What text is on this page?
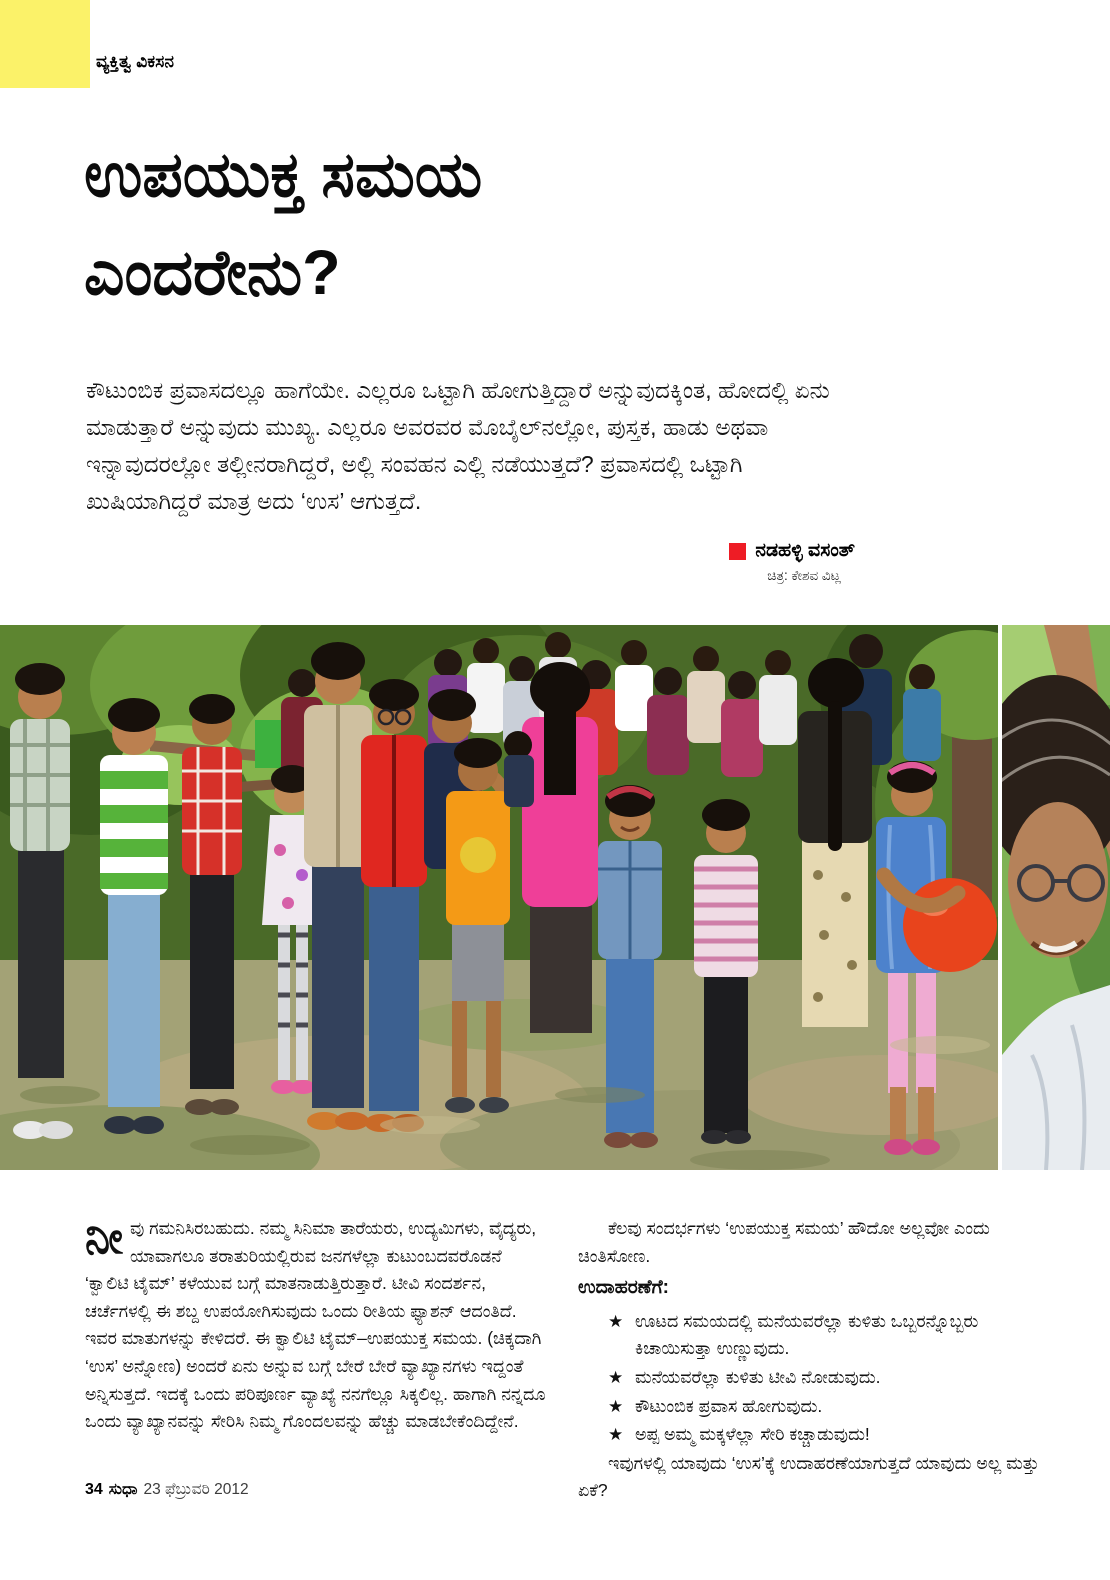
ವ್ಯಕ್ತಿತ್ವ ವಿಕಸನ
ಉಪಯುಕ್ತ ಸಮಯ
ಎಂದರೇನು?
ಕೌಟುಂಬಿಕ ಪ್ರವಾಸದಲ್ಲೂ ಹಾಗೆಯೇ. ಎಲ್ಲರೂ ಒಟ್ಟಾಗಿ ಹೋಗುತ್ತಿದ್ದಾರೆ ಅನ್ನುವುದಕ್ಕಿಂತ, ಹೋದಲ್ಲಿ ಏನು ಮಾಡುತ್ತಾರೆ ಅನ್ನುವುದು ಮುಖ್ಯ. ಎಲ್ಲರೂ ಅವರವರ ಮೊಬೈಲ್‌ನಲ್ಲೋ, ಪುಸ್ತಕ, ಹಾಡು ಅಥವಾ ಇನ್ನಾವುದರಲ್ಲೋ ತಲ್ಲೀನರಾಗಿದ್ದರೆ, ಅಲ್ಲಿ ಸಂವಹನ ಎಲ್ಲಿ ನಡೆಯುತ್ತದೆ? ಪ್ರವಾಸದಲ್ಲಿ ಒಟ್ಟಾಗಿ ಖುಷಿಯಾಗಿದ್ದರೆ ಮಾತ್ರ ಅದು ‘ಉಸ’ ಆಗುತ್ತದೆ.
ನಡಹಳ್ಳಿ ವಸಂತ್
ಚಿತ್ರ: ಕೇಶವ ವಿಟ್ಲ
ನೀವು ಗಮನಿಸಿರಬಹುದು. ನಮ್ಮ ಸಿನಿಮಾ ತಾರೆಯರು, ಉದ್ಯಮಿಗಳು, ವೈದ್ಯರು, ಯಾವಾಗಲೂ ತರಾತುರಿಯಲ್ಲಿರುವ ಜನಗಳೆಲ್ಲಾ ಕುಟುಂಬದವರೊಡನೆ ‘ಕ್ವಾಲಿಟಿ ಟೈಮ್’ ಕಳೆಯುವ ಬಗ್ಗೆ ಮಾತನಾಡುತ್ತಿರುತ್ತಾರೆ. ಟೀವಿ ಸಂದರ್ಶನ, ಚರ್ಚೆಗಳಲ್ಲಿ ಈ ಶಬ್ದ ಉಪಯೋಗಿಸುವುದು ಒಂದು ರೀತಿಯ ಫ್ಯಾಶನ್ ಆದಂತಿದೆ. ಇವರ ಮಾತುಗಳನ್ನು ಕೇಳಿದರೆ. ಈ ಕ್ವಾಲಿಟಿ ಟೈಮ್–ಉಪಯುಕ್ತ ಸಮಯ. (ಚಿಕ್ಕದಾಗಿ ‘ಉಸ’ ಅನ್ನೋಣ) ಅಂದರೆ ಏನು ಅನ್ನುವ ಬಗ್ಗೆ ಬೇರೆ ಬೇರೆ ವ್ಯಾಖ್ಯಾನಗಳು ಇದ್ದಂತೆ ಅನ್ನಿಸುತ್ತದೆ. ಇದಕ್ಕೆ ಒಂದು ಪರಿಪೂರ್ಣ ವ್ಯಾಖ್ಯೆ ನನಗೆಲ್ಲೂ ಸಿಕ್ಕಲಿಲ್ಲ. ಹಾಗಾಗಿ ನನ್ನದೂ ಒಂದು ವ್ಯಾಖ್ಯಾನವನ್ನು ಸೇರಿಸಿ ನಿಮ್ಮ ಗೊಂದಲವನ್ನು ಹೆಚ್ಚು ಮಾಡಬೇಕೆಂದಿದ್ದೇನೆ.

ಕೆಲವು ಸಂದರ್ಭಗಳು ‘ಉಪಯುಕ್ತ ಸಮಯ’ ಹೌದೋ ಅಲ್ಲವೋ ಎಂದು ಚಿಂತಿಸೋಣ.

ಉದಾಹರಣೆಗೆ:
★ ಊಟದ ಸಮಯದಲ್ಲಿ ಮನೆಯವರೆಲ್ಲಾ ಕುಳಿತು ಒಬ್ಬರನ್ನೊಬ್ಬರು ಕಿಚಾಯಿಸುತ್ತಾ ಉಣ್ಣುವುದು.
★ ಮನೆಯವರೆಲ್ಲಾ ಕುಳಿತು ಟೀವಿ ನೋಡುವುದು.
★ ಕೌಟುಂಬಿಕ ಪ್ರವಾಸ ಹೋಗುವುದು.
★ ಅಪ್ಪ ಅಮ್ಮ ಮಕ್ಕಳೆಲ್ಲಾ ಸೇರಿ ಕಚ್ಚಾಡುವುದು!

ಇವುಗಳಲ್ಲಿ ಯಾವುದು ‘ಉಸ’ಕ್ಕೆ ಉದಾಹರಣೆಯಾಗುತ್ತದೆ ಯಾವುದು ಅಲ್ಲ ಮತ್ತು ಏಕೆ?

34 ಸುಧಾ 23 ಫೆಬ್ರುವರಿ 2012
